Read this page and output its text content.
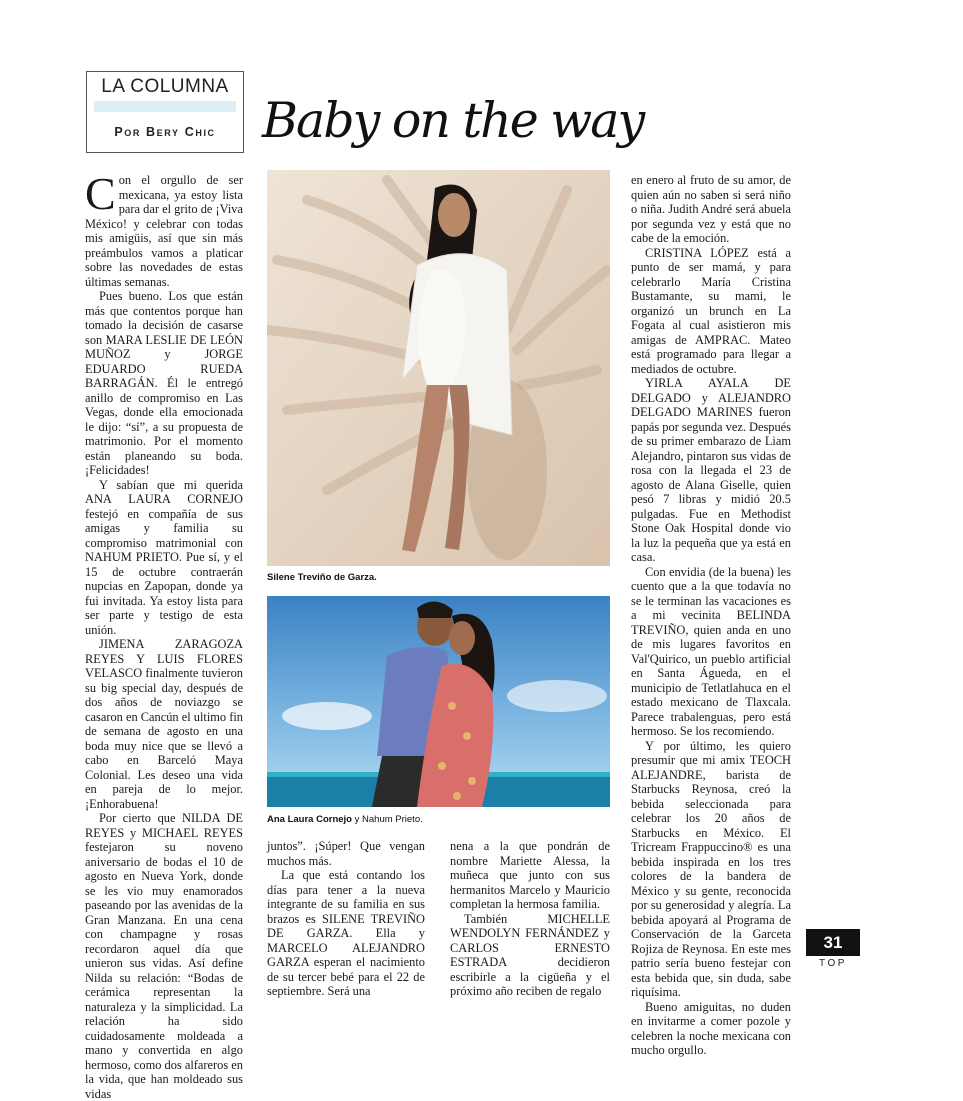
LA COLUMNA
Por Bery Chic Baby on the way

Con el orgullo de ser mexicana, ya estoy lista para dar el grito de ¡Viva México! y celebrar con todas mis amigüis, así que sin más preámbulos vamos a platicar sobre las novedades de estas últimas semanas.

Pues bueno. Los que están más que contentos porque han tomado la decisión de casarse son MARA LESLIE DE LEÓN MUÑOZ y JORGE EDUARDO RUEDA BARRAGÁN. Él le entregó anillo de compromiso en Las Vegas, donde ella emocionada le dijo: “sí”, a su propuesta de matrimonio. Por el momento están planeando su boda. ¡Felicidades!

Y sabían que mi querida ANA LAURA CORNEJO festejó en compañía de sus amigas y familia su compromiso matrimonial con NAHUM PRIETO. Pue sí, y el 15 de octubre contraerán nupcias en Zapopan, donde ya fui invitada. Ya estoy lista para ser parte y testigo de esta unión.

JIMENA ZARAGOZA REYES Y LUIS FLORES VELASCO finalmente tuvieron su big special day, después de dos años de noviazgo se casaron en Cancún el ultimo fin de semana de agosto en una boda muy nice que se llevó a cabo en Barceló Maya Colonial. Les deseo una vida en pareja de lo mejor. ¡Enhorabuena!

Por cierto que NILDA DE REYES y MICHAEL REYES festejaron su noveno aniversario de bodas el 10 de agosto en Nueva York, donde se les vio muy enamorados paseando por las avenidas de la Gran Manzana. En una cena con champagne y rosas recordaron aquel día que unieron sus vidas. Así define Nilda su relación: “Bodas de cerámica representan la naturaleza y la simplicidad. La relación ha sido cuidadosamente moldeada a mano y convertida en algo hermoso, como dos alfareros en la vida, que han moldeado sus vidas

Silene Treviño de Garza.
Ana Laura Cornejo y Nahum Prieto.

juntos”. ¡Súper! Que vengan muchos más.

La que está contando los días para tener a la nueva integrante de su familia en sus brazos es SILENE TREVIÑO DE GARZA. Ella y MARCELO ALEJANDRO GARZA esperan el nacimiento de su tercer bebé para el 22 de septiembre. Será una

nena a la que pondrán de nombre Mariette Alessa, la muñeca que junto con sus hermanitos Marcelo y Mauricio completan la hermosa familia.

También MICHELLE WENDOLYN FERNÁNDEZ y CARLOS ERNESTO ESTRADA decidieron escribirle a la cigüeña y el próximo año reciben de regalo

en enero al fruto de su amor, de quien aún no saben si será niño o niña. Judith André será abuela por segunda vez y está que no cabe de la emoción.

CRISTINA LÓPEZ está a punto de ser mamá, y para celebrarlo María Cristina Bustamante, su mami, le organizó un brunch en La Fogata al cual asistieron mis amigas de AMPRAC. Mateo está programado para llegar a mediados de octubre.

YIRLA AYALA DE DELGADO y ALEJANDRO DELGADO MARINES fueron papás por segunda vez. Después de su primer embarazo de Liam Alejandro, pintaron sus vidas de rosa con la llegada el 23 de agosto de Alana Giselle, quien pesó 7 libras y midió 20.5 pulgadas. Fue en Methodist Stone Oak Hospital donde vio la luz la pequeña que ya está en casa.

Con envidia (de la buena) les cuento que a la que todavía no se le terminan las vacaciones es a mi vecinita BELINDA TREVIÑO, quien anda en uno de mis lugares favoritos en Val'Quirico, un pueblo artificial en Santa Águeda, en el municipio de Tetlatlahuca en el estado mexicano de Tlaxcala. Parece trabalenguas, pero está hermoso. Se los recomiendo.

Y por último, les quiero presumir que mi amix TEOCH ALEJANDRE, barista de Starbucks Reynosa, creó la bebida seleccionada para celebrar los 20 años de Starbucks en México. El Tricream Frappuccino® es una bebida inspirada en los tres colores de la bandera de México y su gente, reconocida por su generosidad y alegría. La bebida apoyará al Programa de Conservación de la Garceta Rojiza de Reynosa. En este mes patrio sería bueno festejar con esta bebida que, sin duda, sabe riquísima.

Bueno amiguitas, no duden en invitarme a comer pozole y celebren la noche mexicana con mucho orgullo.

31
TOP
